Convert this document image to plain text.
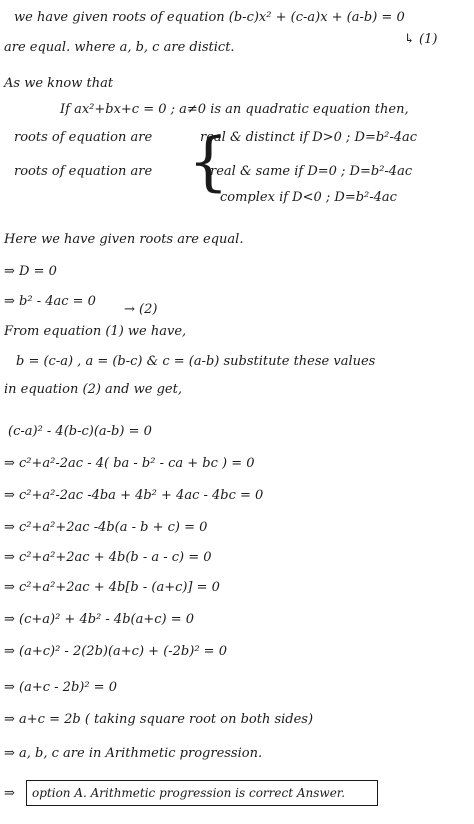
we have given roots of equation (b-c)x² + (c-a)x + (a-b) = 0
are equal. where a, b, c are distict.
↳ (1)
As we know that
If ax²+bx+c = 0 ; a≠0 is an quadratic equation then,
roots of equation are	real & distinct if D>0 ; D=b²-4ac
{
roots of equation are	real & same if D=0 ; D=b²-4ac
complex if D<0 ; D=b²-4ac
Here we have given roots are equal.
⇒ D = 0
⇒ b² - 4ac = 0
→ (2)
From equation (1) we have,
b = (c-a) , a = (b-c) & c = (a-b) substitute these values
in equation (2) and we get,
(c-a)² - 4(b-c)(a-b) = 0
⇒ c²+a²-2ac - 4( ba - b² - ca + bc ) = 0
⇒ c²+a²-2ac -4ba + 4b² + 4ac - 4bc = 0
⇒ c²+a²+2ac -4b(a - b + c) = 0
⇒ c²+a²+2ac + 4b(b - a - c) = 0
⇒ c²+a²+2ac + 4b[b - (a+c)] = 0
⇒ (c+a)² + 4b² - 4b(a+c) = 0
⇒ (a+c)² - 2(2b)(a+c) + (-2b)² = 0
⇒ (a+c - 2b)² = 0
⇒ a+c = 2b ( taking square root on both sides)
⇒ a, b, c are in Arithmetic progression.
⇒ option A. Arithmetic progression is correct Answer.
